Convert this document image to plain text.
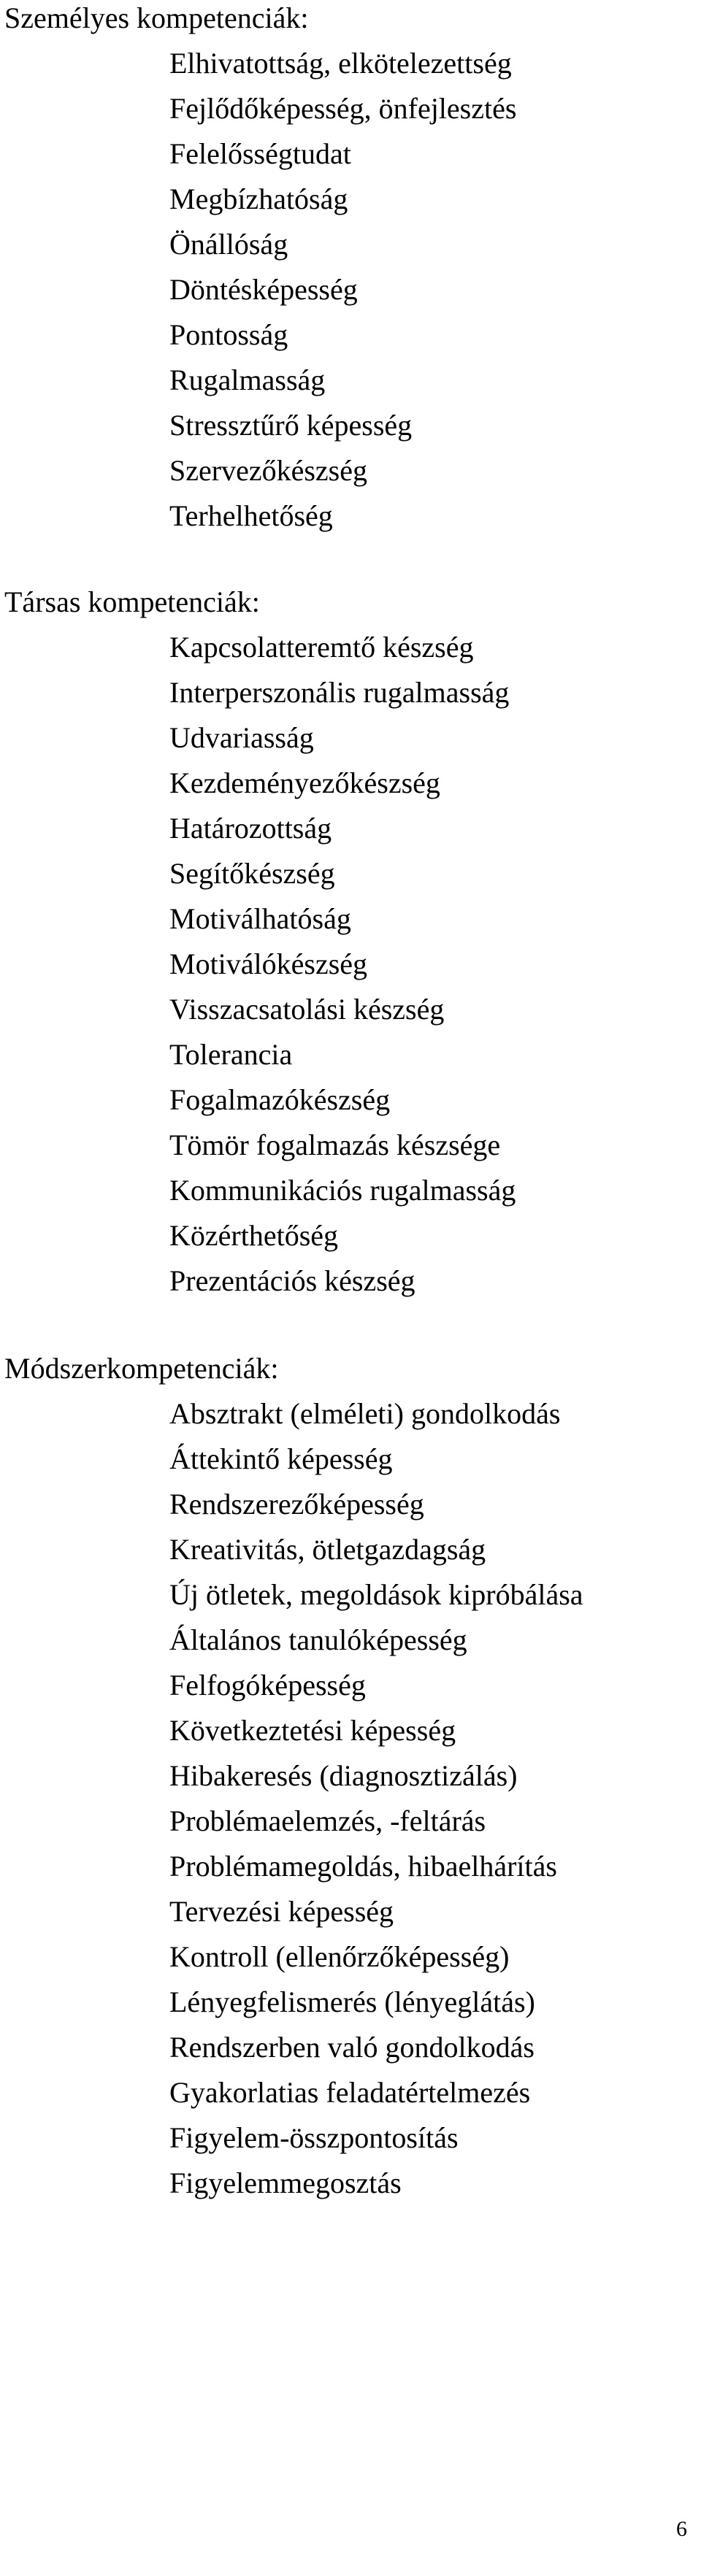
Személyes kompetenciák:
Elhivatottság, elkötelezettség
Fejlődőképesség, önfejlesztés
Felelősségtudat
Megbízhatóság
Önállóság
Döntésképesség
Pontosság
Rugalmasság
Stressztűrő képesség
Szervezőkészség
Terhelhetőség
Társas kompetenciák:
Kapcsolatteremtő készség
Interperszonális rugalmasság
Udvariasság
Kezdeményezőkészség
Határozottság
Segítőkészség
Motiválhatóság
Motiválókészség
Visszacsatolási készség
Tolerancia
Fogalmazókészség
Tömör fogalmazás készsége
Kommunikációs rugalmasság
Közérthetőség
Prezentációs készség
Módszerkompetenciák:
Absztrakt (elméleti) gondolkodás
Áttekintő képesség
Rendszerezőképesség
Kreativitás, ötletgazdagság
Új ötletek, megoldások kipróbálása
Általános tanulóképesség
Felfogóképesség
Következtetési képesség
Hibakeresés (diagnosztizálás)
Problémaelemzés, -feltárás
Problémamegoldás, hibaelhárítás
Tervezési képesség
Kontroll (ellenőrzőképesség)
Lényegfelismerés (lényeglátás)
Rendszerben való gondolkodás
Gyakorlatias feladatértelmezés
Figyelem-összpontosítás
Figyelemmegosztás
6
